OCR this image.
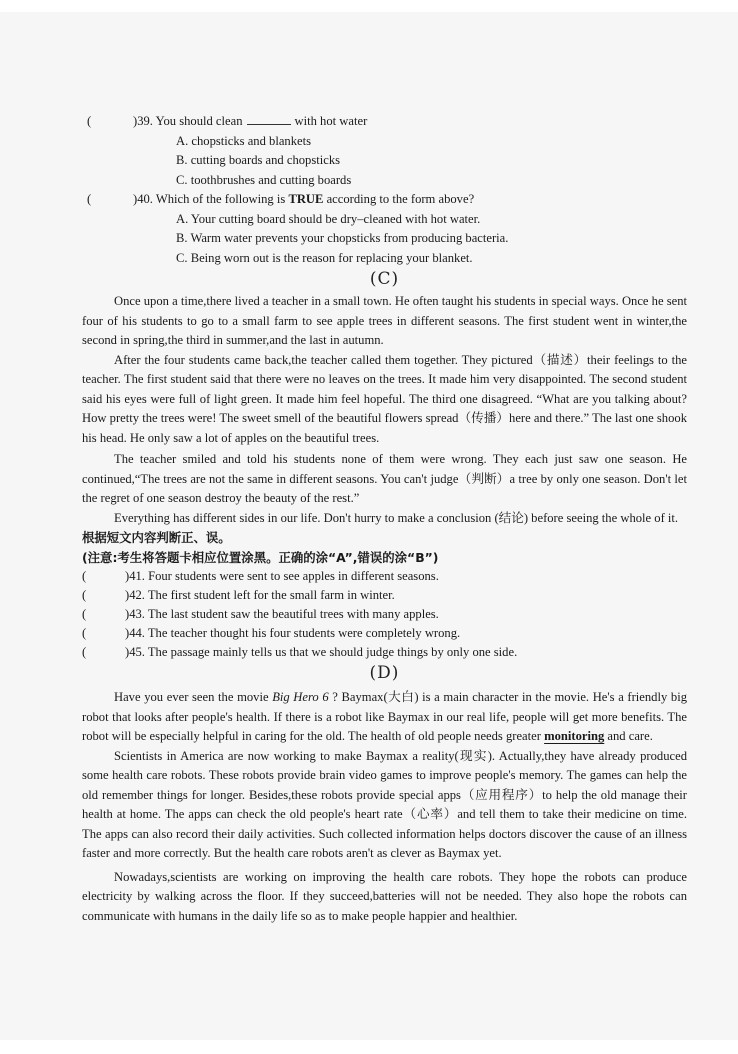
(	)39. You should clean	with hot water
A. chopsticks and blankets
B. cutting boards and chopsticks
C. toothbrushes and cutting boards
(	)40. Which of the following is TRUE according to the form above?
A. Your cutting board should be dry–cleaned with hot water.
B. Warm water prevents your chopsticks from producing bacteria.
C. Being worn out is the reason for replacing your blanket.
(C)

Once upon a time,there lived a teacher in a small town. He often taught his students in special ways. Once he sent four of his students to go to a small farm to see apple trees in different seasons. The first student went in winter,the second in spring,the third in summer,and the last in autumn.

After the four students came back,the teacher called them together. They pictured（描述）their feelings to the teacher. The first student said that there were no leaves on the trees. It made him very disappointed. The second student said his eyes were full of light green. It made him feel hopeful. The third one disagreed. “What are you talking about? How pretty the trees were! The sweet smell of the beautiful flowers spread（传播）here and there.” The last one shook his head. He only saw a lot of apples on the beautiful trees.

The teacher smiled and told his students none of them were wrong. They each just saw one season. He continued,“The trees are not the same in different seasons. You can't judge（判断）a tree by only one season. Don't let the regret of one season destroy the beauty of the rest.”

Everything has different sides in our life. Don't hurry to make a conclusion (结论) before seeing the whole of it.

根据短文内容判断正、误。
(注意:考生将答题卡相应位置涂黑。正确的涂“A”,错误的涂“B”)
(	)41. Four students were sent to see apples in different seasons.
(	)42. The first student left for the small farm in winter.
(	)43. The last student saw the beautiful trees with many apples.
(	)44. The teacher thought his four students were completely wrong.
(	)45. The passage mainly tells us that we should judge things by only one side.
(D)

Have you ever seen the movie Big Hero 6 ? Baymax(大白) is a main character in the movie. He's a friendly big robot that looks after people's health. If there is a robot like Baymax in our real life, people will get more benefits. The robot will be especially helpful in caring for the old. The health of old people needs greater monitoring and care.

Scientists in America are now working to make Baymax a reality(现实). Actually,they have already produced some health care robots. These robots provide brain video games to improve people's memory. The games can help the old remember things for longer. Besides,these robots provide special apps（应用程序）to help the old manage their health at home. The apps can check the old people's heart rate（心率）and tell them to take their medicine on time. The apps can also record their daily activities. Such collected information helps doctors discover the cause of an illness faster and more correctly. But the health care robots aren't as clever as Baymax yet.

Nowadays,scientists are working on improving the health care robots. They hope the robots can produce electricity by walking across the floor. If they succeed,batteries will not be needed. They also hope the robots can communicate with humans in the daily life so as to make people happier and healthier.
